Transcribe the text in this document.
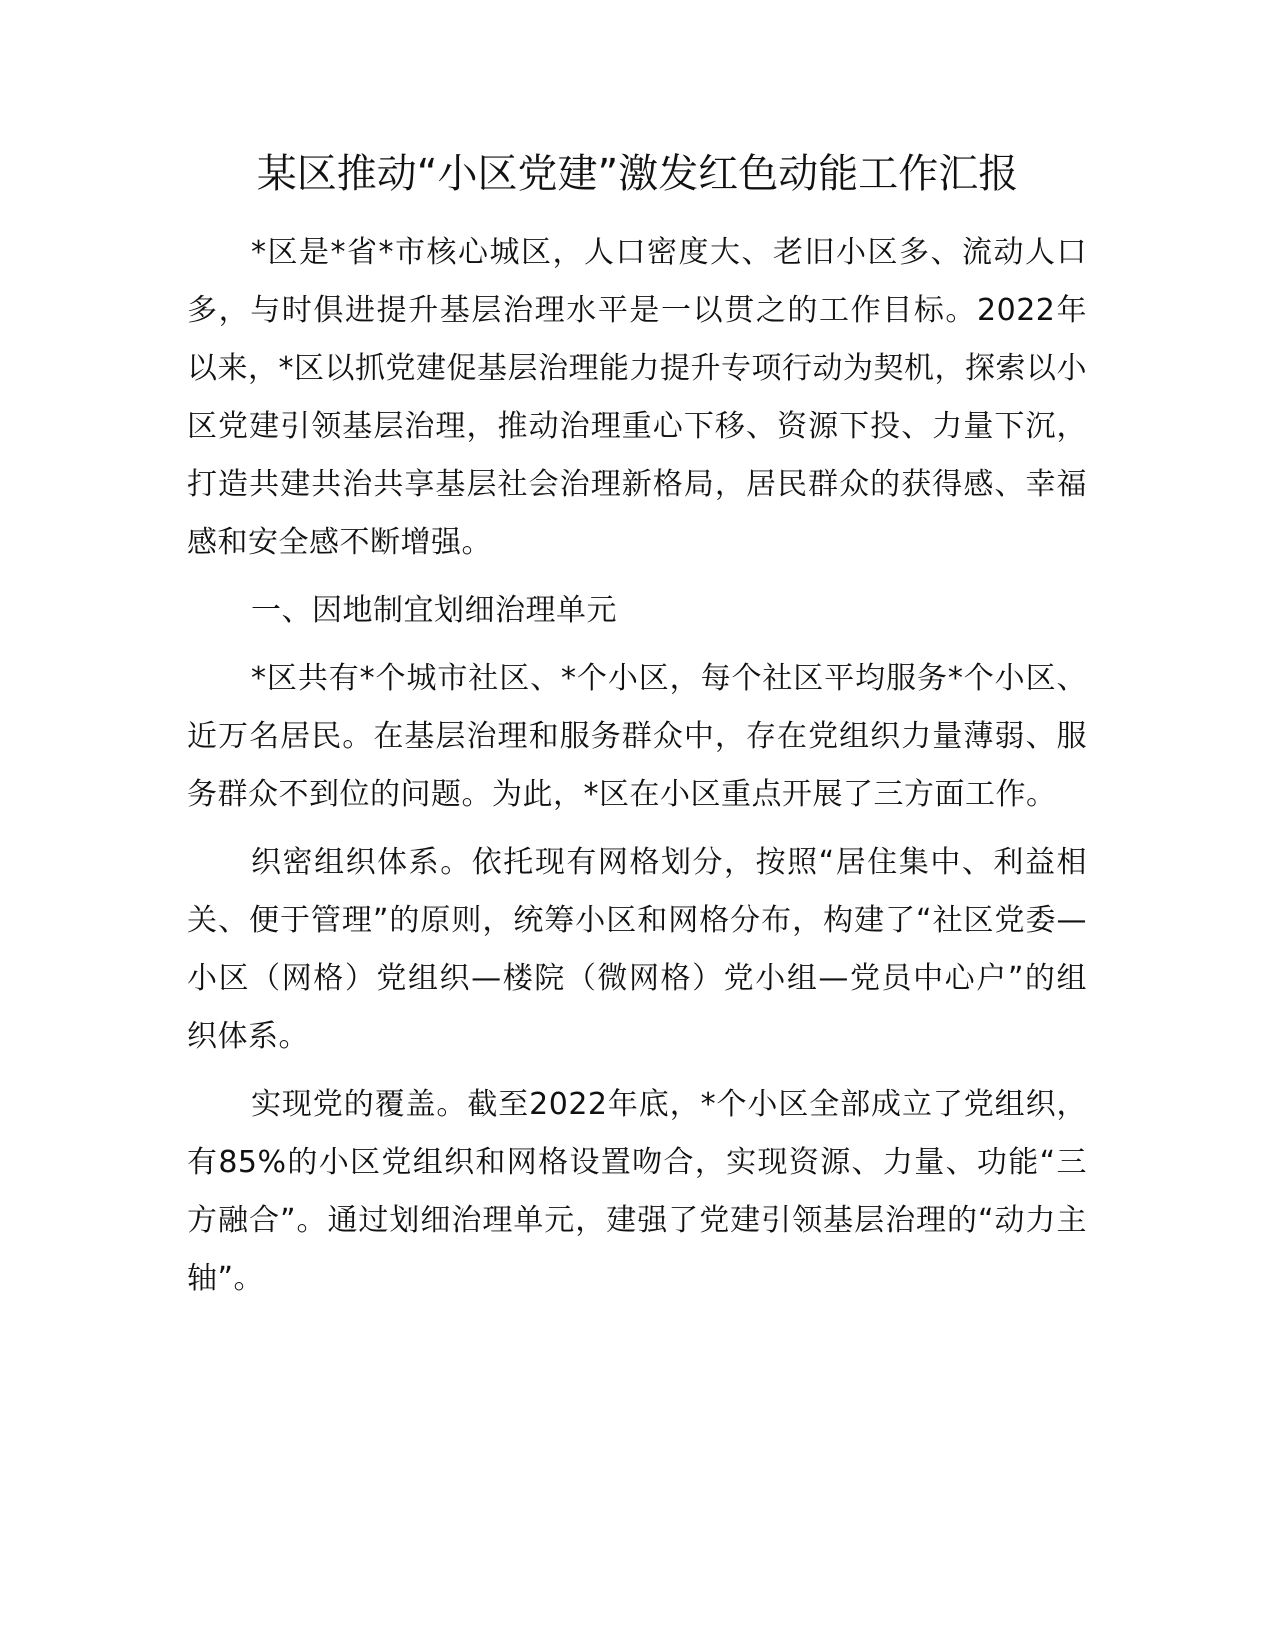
某区推动“小区党建”激发红色动能工作汇报

*区是*省*市核心城区，人口密度大、老旧小区多、流动人口多，与时俱进提升基层治理水平是一以贯之的工作目标。2022年以来，*区以抓党建促基层治理能力提升专项行动为契机，探索以小区党建引领基层治理，推动治理重心下移、资源下投、力量下沉，打造共建共治共享基层社会治理新格局，居民群众的获得感、幸福感和安全感不断增强。

一、因地制宜划细治理单元

*区共有*个城市社区、*个小区，每个社区平均服务*个小区、近万名居民。在基层治理和服务群众中，存在党组织力量薄弱、服务群众不到位的问题。为此，*区在小区重点开展了三方面工作。

织密组织体系。依托现有网格划分，按照“居住集中、利益相关、便于管理”的原则，统筹小区和网格分布，构建了“社区党委—小区（网格）党组织—楼院（微网格）党小组—党员中心户”的组织体系。

实现党的覆盖。截至2022年底，*个小区全部成立了党组织，有85%的小区党组织和网格设置吻合，实现资源、力量、功能“三方融合”。通过划细治理单元，建强了党建引领基层治理的“动力主轴”。
